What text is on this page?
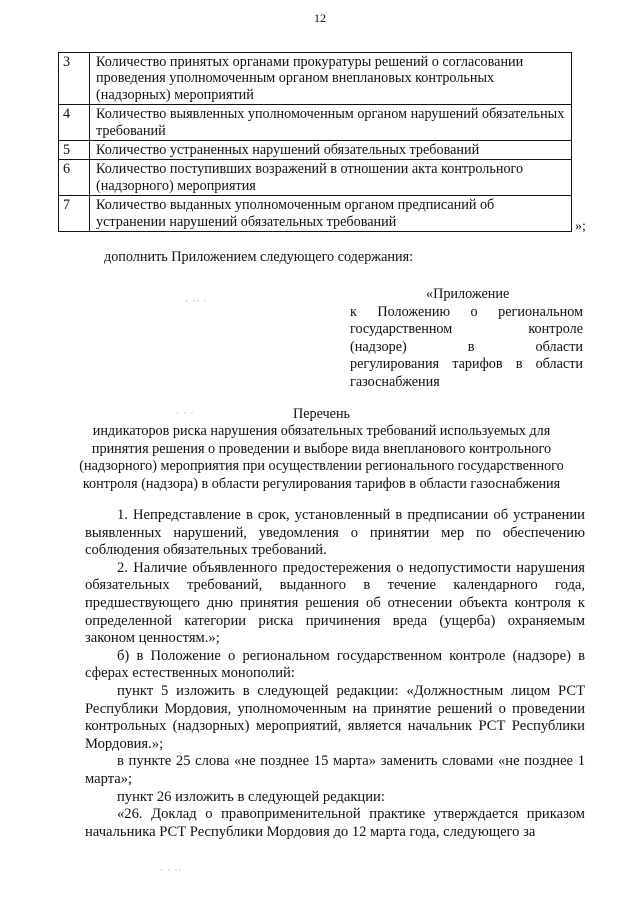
12
3	Количество принятых органами прокуратуры решений о согласовании проведения уполномоченным органом внеплановых контрольных (надзорных) мероприятий
4	Количество выявленных уполномоченным органом нарушений обязательных требований
5	Количество устраненных нарушений обязательных требований
6	Количество поступивших возражений в отношении акта контрольного (надзорного) мероприятия
7	Количество выданных уполномоченным органом предписаний об устранении нарушений обязательных требований	»;

дополнить Приложением следующего содержания:

«Приложение
к Положению о региональном
государственном контроле
(надзоре) в области
регулирования тарифов в области
газоснабжения
· ·· ·
· · ·
· · ··
Перечень
индикаторов риска нарушения обязательных требований используемых для
принятия решения о проведении и выборе вида внепланового контрольного
(надзорного) мероприятия при осуществлении регионального государственного
контроля (надзора) в области регулирования тарифов в области газоснабжения

1. Непредставление в срок, установленный в предписании об устранении выявленных нарушений, уведомления о принятии мер по обеспечению соблюдения обязательных требований.

2. Наличие объявленного предостережения о недопустимости нарушения обязательных требований, выданного в течение календарного года, предшествующего дню принятия решения об отнесении объекта контроля к определенной категории риска причинения вреда (ущерба) охраняемым законом ценностям.»;

б) в Положение о региональном государственном контроле (надзоре) в сферах естественных монополий:

пункт 5 изложить в следующей редакции: «Должностным лицом РСТ Республики Мордовия, уполномоченным на принятие решений о проведении контрольных (надзорных) мероприятий, является начальник РСТ Республики Мордовия.»;

в пункте 25 слова «не позднее 15 марта» заменить словами «не позднее 1 марта»;

пункт 26 изложить в следующей редакции:

«26. Доклад о правоприменительной практике утверждается приказом начальника РСТ Республики Мордовия до 12 марта года, следующего за
